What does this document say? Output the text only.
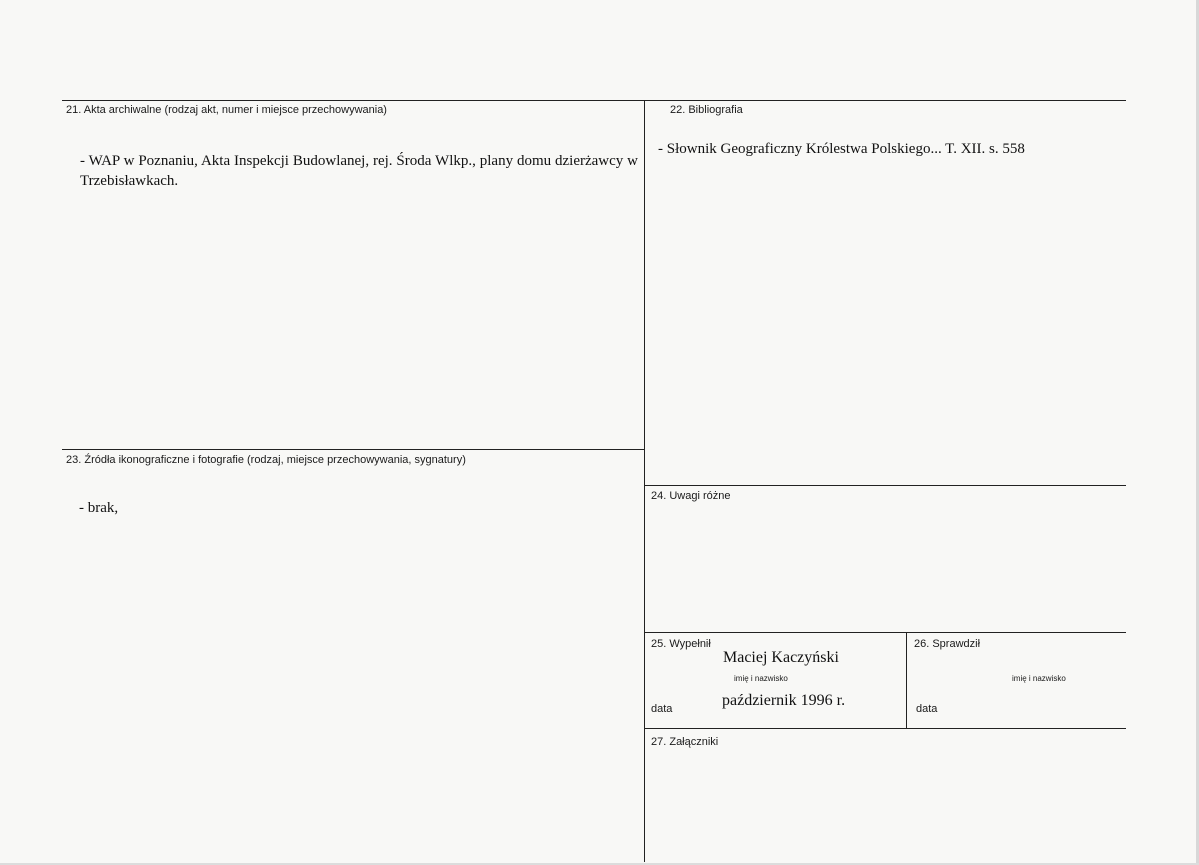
21. Akta archiwalne (rodzaj akt, numer i miejsce przechowywania)
- WAP w Poznaniu, Akta Inspekcji Budowlanej, rej. Środa Wlkp., plany domu dzierżawcy w Trzebisławkach.
22. Bibliografia
- Słownik Geograficzny Królestwa Polskiego... T. XII. s. 558
23. Źródła ikonograficzne i fotografie (rodzaj, miejsce przechowywania, sygnatury)
- brak,
24. Uwagi różne
25. Wypełnił
Maciej Kaczyński
imię i nazwisko
październik 1996 r.
data
26. Sprawdził
imię i nazwisko
data
27. Załączniki
